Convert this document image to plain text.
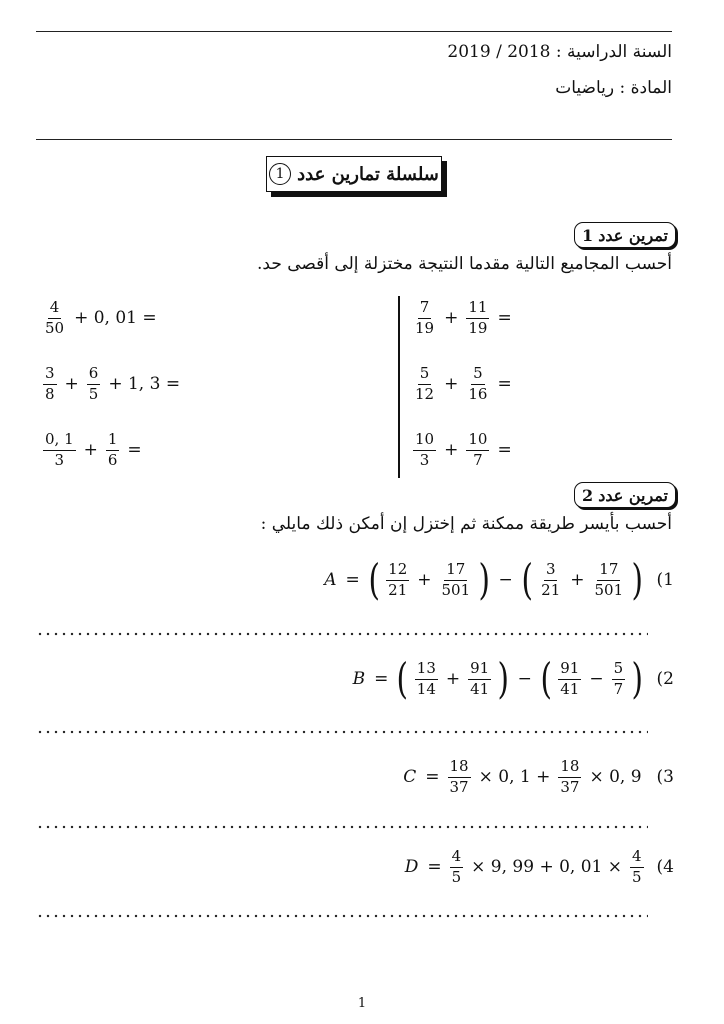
السنة الدراسية : 2018 / 2019
المادة : رياضيات
سلسلة تمارين عدد
1
تمرين عدد
1
أحسب المجاميع التالية مقدما النتيجة مختزلة إلى أقصى حد.
$\frac{7}{19} + \frac{11}{19}$ =
$\frac{5}{12} + \frac{5}{16}$ =
$\frac{10}{3} + \frac{10}{7}$ =
$\frac{4}{50} + 0$, 01 =
$\frac{3}{8} + \frac{6}{5} + 1$, 3 =
$\frac{0, 1}{3} + \frac{1}{6}$ =
تمرين عدد
2
أحسب بأيسر طريقة ممكنة ثم إختزل إن أمكن ذلك مايلي :
A = ( $\frac{12}{21} + \frac{17}{501}$ ) − ( $\frac{3}{21} + \frac{17}{501}$ ) (1
B = ( $\frac{13}{14} + \frac{91}{41}$ ) − ( $\frac{91}{41} - \frac{5}{7}$ ) (2
$C = \frac{18}{37} \times 0$, $1 + \frac{18}{37} \times 0$, 9 (3
$D = \frac{4}{5} \times 9$, 99 + 0, $01 \times \frac{4}{5} (4$
1
